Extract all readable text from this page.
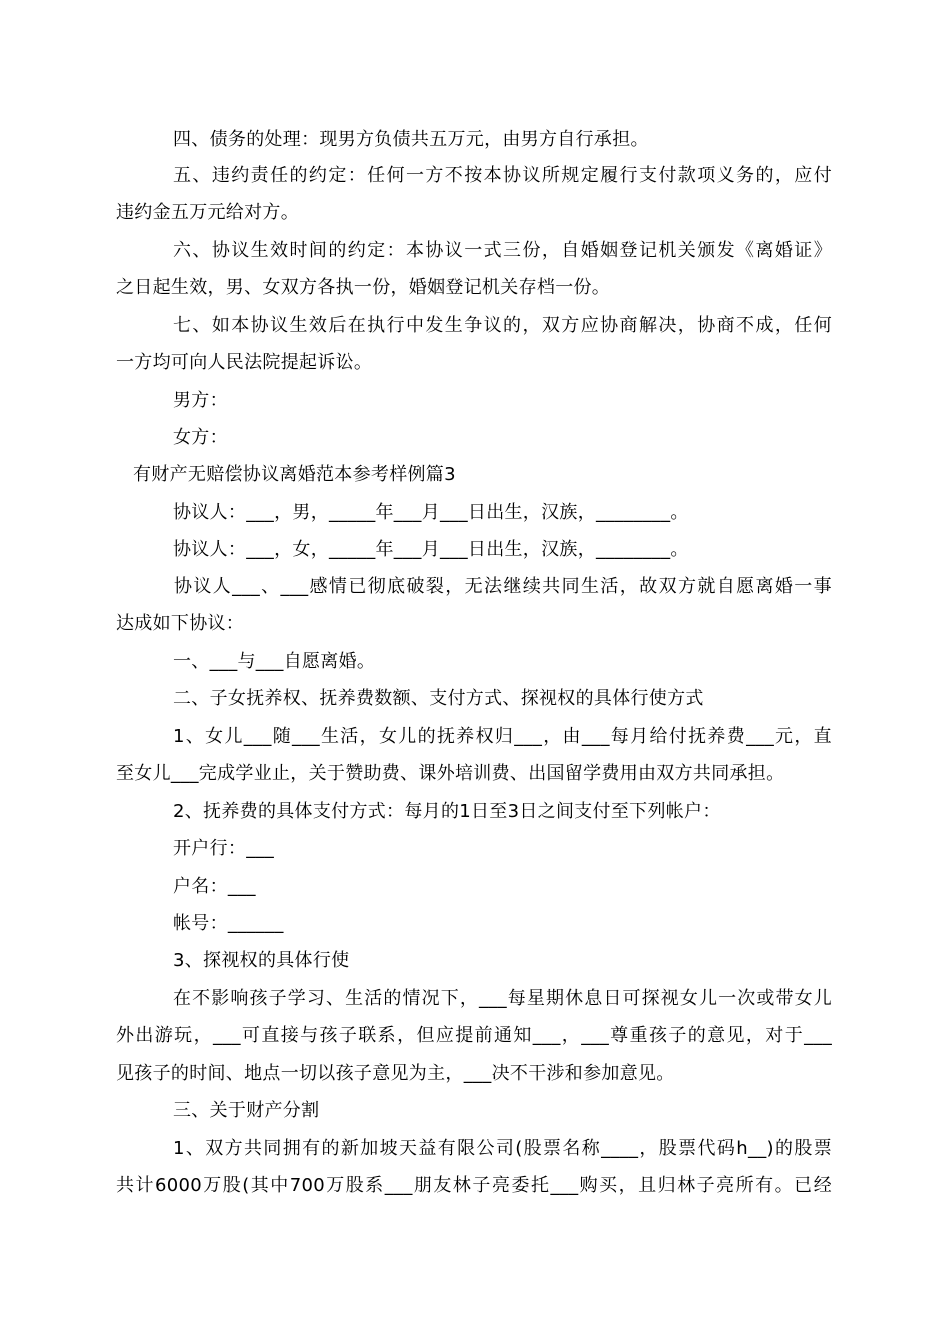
四、债务的处理：现男方负债共五万元，由男方自行承担。
五、违约责任的约定：任何一方不按本协议所规定履行支付款项义务的，应付
违约金五万元给对方。
六、协议生效时间的约定：本协议一式三份，自婚姻登记机关颁发《离婚证》
之日起生效，男、女双方各执一份，婚姻登记机关存档一份。
七、如本协议生效后在执行中发生争议的，双方应协商解决，协商不成，任何
一方均可向人民法院提起诉讼。
男方：
女方：
有财产无赔偿协议离婚范本参考样例篇3
协议人：___，男，_____年___月___日出生，汉族，________。
协议人：___，女，_____年___月___日出生，汉族，________。
协议人___、___感情已彻底破裂，无法继续共同生活，故双方就自愿离婚一事
达成如下协议：
一、___与___自愿离婚。
二、子女抚养权、抚养费数额、支付方式、探视权的具体行使方式
1、女儿___随___生活，女儿的抚养权归___，由___每月给付抚养费___元，直
至女儿___完成学业止，关于赞助费、课外培训费、出国留学费用由双方共同承担。
2、抚养费的具体支付方式：每月的1日至3日之间支付至下列帐户：
开户行：___
户名：___
帐号：______
3、探视权的具体行使
在不影响孩子学习、生活的情况下，___每星期休息日可探视女儿一次或带女儿
外出游玩，___可直接与孩子联系，但应提前通知___，___尊重孩子的意见，对于___
见孩子的时间、地点一切以孩子意见为主，___决不干涉和参加意见。
三、关于财产分割
1、双方共同拥有的新加坡天益有限公司(股票名称____，股票代码h__)的股票
共计6000万股(其中700万股系___朋友林子亮委托___购买，且归林子亮所有。已经
